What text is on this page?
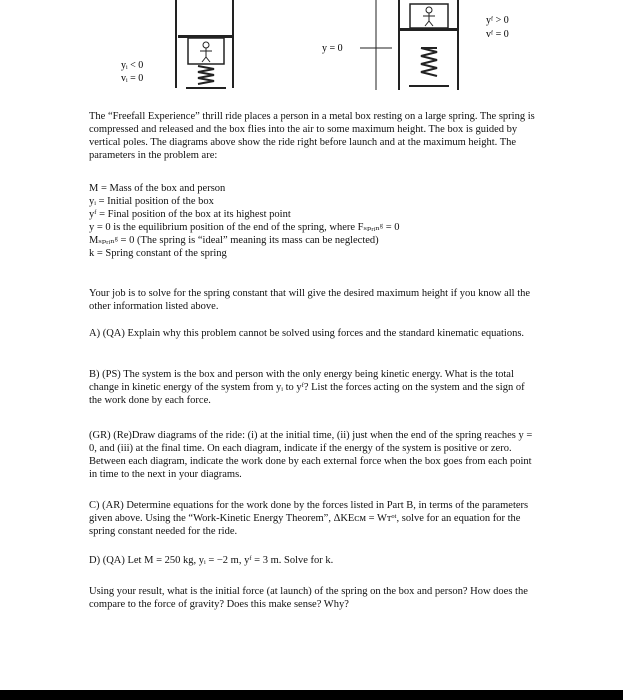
yᵢ < 0
vᵢ = 0
y = 0
yᶠ > 0
vᶠ = 0

The “Freefall Experience” thrill ride places a person in a metal box resting on a large spring. The spring is compressed and released and the box flies into the air to some maximum height. The box is guided by vertical poles. The diagrams above show the ride right before launch and at the maximum height. The parameters in the problem are:

M = Mass of the box and person
yᵢ = Initial position of the box
yᶠ = Final position of the box at its highest point
y = 0 is the equilibrium position of the end of the spring, where Fₛₚᵣᵢₙᵍ = 0
Mₛₚᵣᵢₙᵍ = 0 (The spring is “ideal” meaning its mass can be neglected)
k = Spring constant of the spring

Your job is to solve for the spring constant that will give the desired maximum height if you know all the other information listed above.

A) (QA) Explain why this problem cannot be solved using forces and the standard kinematic equations.

B) (PS) The system is the box and person with the only energy being kinetic energy. What is the total change in kinetic energy of the system from yᵢ to yᶠ? List the forces acting on the system and the sign of the work done by each force.

(GR) (Re)Draw diagrams of the ride: (i) at the initial time, (ii) just when the end of the spring reaches y = 0, and (iii) at the final time. On each diagram, indicate if the energy of the system is positive or zero. Between each diagram, indicate the work done by each external force when the box goes from each point in time to the next in your diagrams.

C) (AR) Determine equations for the work done by the forces listed in Part B, in terms of the parameters given above. Using the “Work-Kinetic Energy Theorem”, ΔKEᴄᴍ = Wᴛᵒᵗ, solve for an equation for the spring constant needed for the ride.

D) (QA) Let M = 250 kg, yᵢ = −2 m, yᶠ = 3 m. Solve for k.

Using your result, what is the initial force (at launch) of the spring on the box and person? How does the compare to the force of gravity? Does this make sense? Why?
